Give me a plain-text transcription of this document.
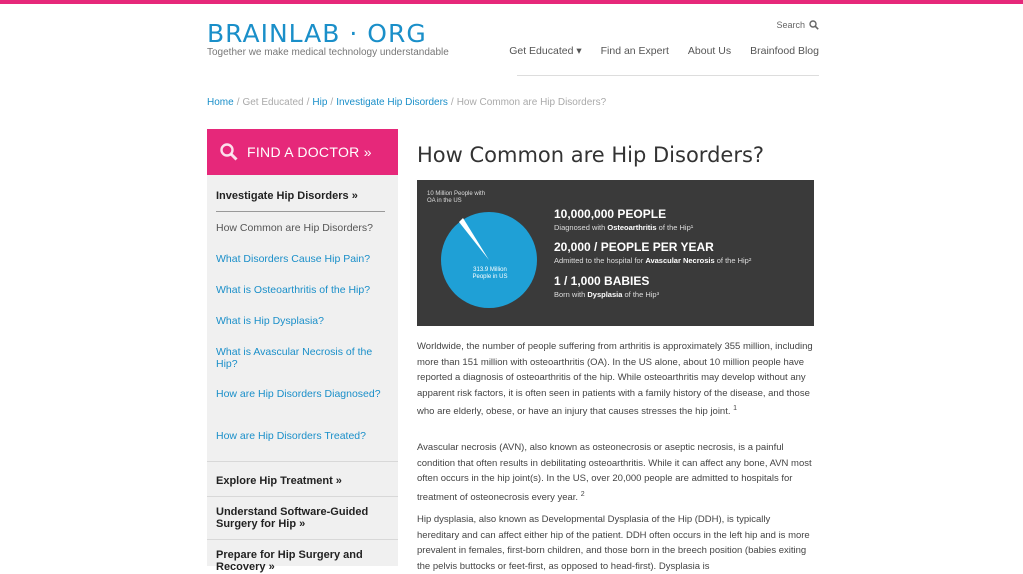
BRAINLAB · ORG
Together we make medical technology understandable
Search
Get Educated ▾ Find an Expert About Us Brainfood Blog
Home / Get Educated / Hip / Investigate Hip Disorders / How Common are Hip Disorders?
FIND A DOCTOR »
Investigate Hip Disorders »
How Common are Hip Disorders?
What Disorders Cause Hip Pain?
What is Osteoarthritis of the Hip?
What is Hip Dysplasia?
What is Avascular Necrosis of the Hip?
How are Hip Disorders Diagnosed?
How are Hip Disorders Treated?
Explore Hip Treatment »
Understand Software-Guided Surgery for Hip »
Prepare for Hip Surgery and Recovery »
How Common are Hip Disorders?
10 Million People with OA in the US
313.9 Million People in US
10,000,000 PEOPLE
Diagnosed with Osteoarthritis of the Hip¹
20,000 / PEOPLE PER YEAR
Admitted to the hospital for Avascular Necrosis of the Hip²
1 / 1,000 BABIES
Born with Dysplasia of the Hip³
Worldwide, the number of people suffering from arthritis is approximately 355 million, including more than 151 million with osteoarthritis (OA). In the US alone, about 10 million people have reported a diagnosis of osteoarthritis of the hip. While osteoarthritis may develop without any apparent risk factors, it is often seen in patients with a family history of the disease, and those who are elderly, obese, or have an injury that causes stresses the hip joint. $^1$
Avascular necrosis (AVN), also known as osteonecrosis or aseptic necrosis, is a painful condition that often results in debilitating osteoarthritis. While it can affect any bone, AVN most often occurs in the hip joint(s). In the US, over 20,000 people are admitted to hospitals for treatment of osteonecrosis every year. $^2$
Hip dysplasia, also known as Developmental Dysplasia of the Hip (DDH), is typically hereditary and can affect either hip of the patient. DDH often occurs in the left hip and is more prevalent in females, first-born children, and those born in the breech position (babies exiting the pelvis buttocks or feet-first, as opposed to head-first). Dysplasia is
